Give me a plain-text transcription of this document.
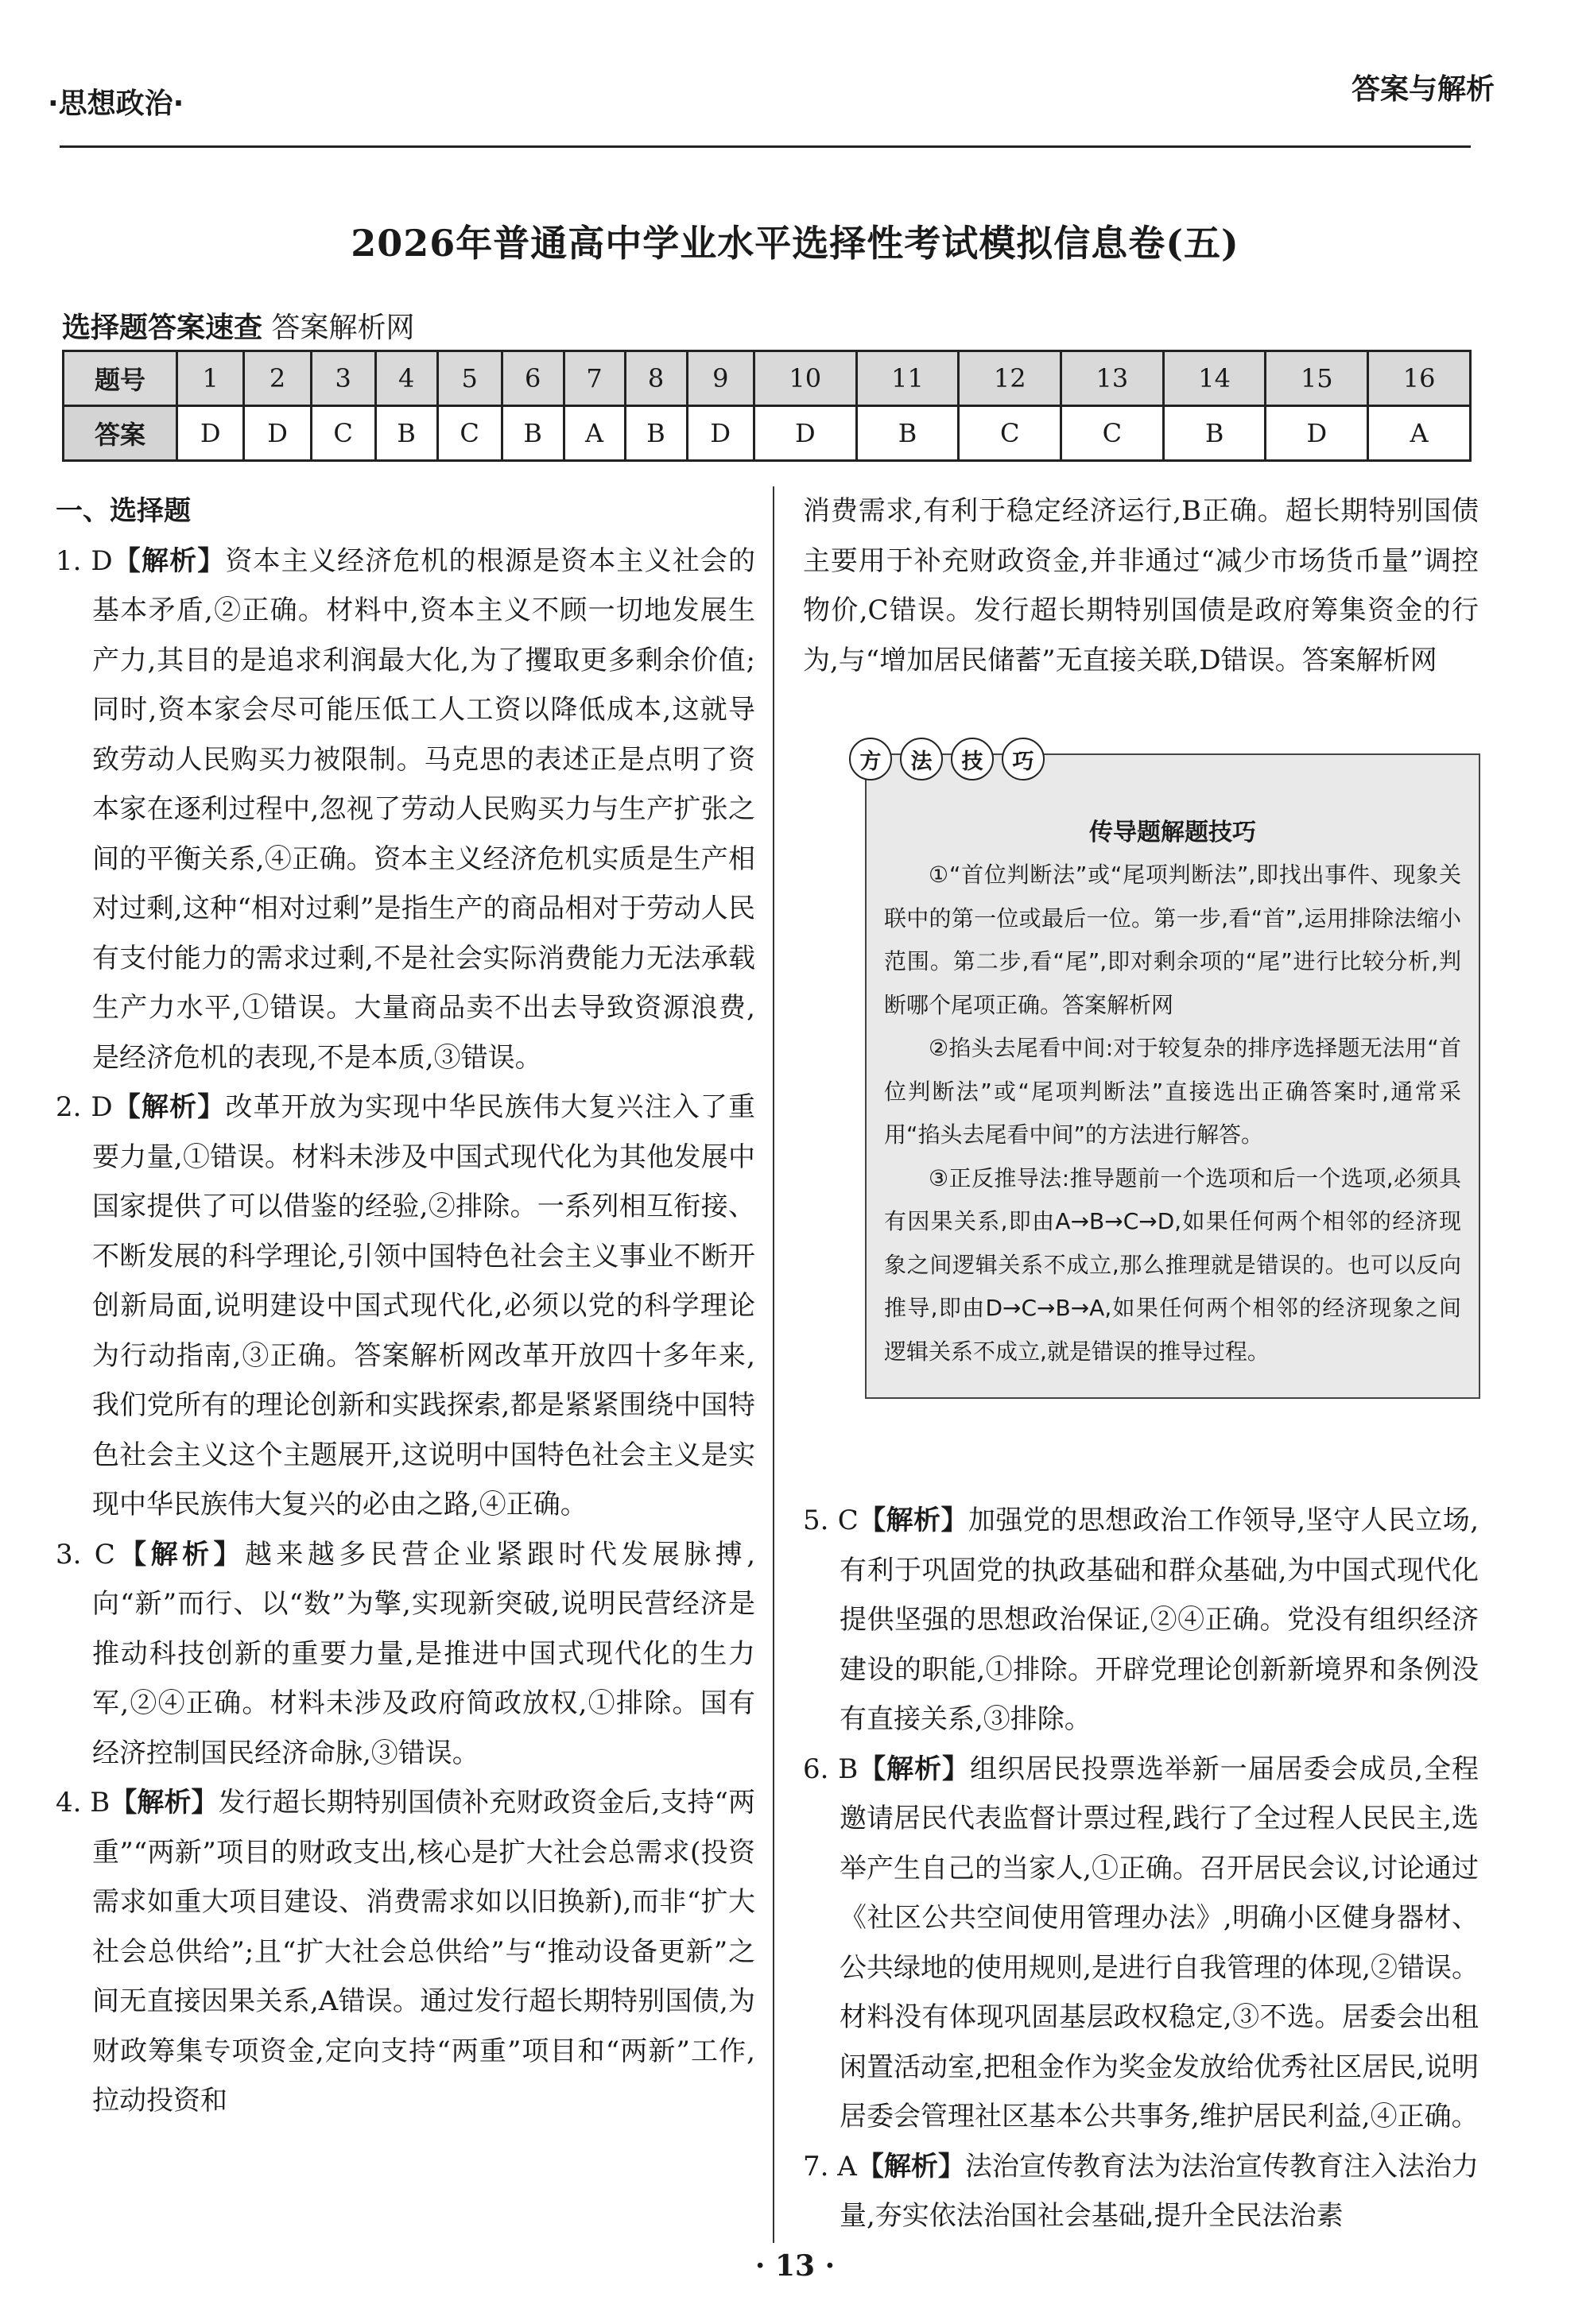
·思想政治·	答案与解析
2026年普通高中学业水平选择性考试模拟信息卷(五)
选择题答案速查 答案解析网
题号	1	2	3	4	5	6	7	8	9	10	11	12	13	14	15	16
答案	D	D	C	B	C	B	A	B	D	D	B	C	C	B	D	A

一、选择题

1. D【解析】资本主义经济危机的根源是资本主义社会的基本矛盾,②正确。材料中,资本主义不顾一切地发展生产力,其目的是追求利润最大化,为了攫取更多剩余价值;同时,资本家会尽可能压低工人工资以降低成本,这就导致劳动人民购买力被限制。马克思的表述正是点明了资本家在逐利过程中,忽视了劳动人民购买力与生产扩张之间的平衡关系,④正确。资本主义经济危机实质是生产相对过剩,这种“相对过剩”是指生产的商品相对于劳动人民有支付能力的需求过剩,不是社会实际消费能力无法承载生产力水平,①错误。大量商品卖不出去导致资源浪费,是经济危机的表现,不是本质,③错误。

2. D【解析】改革开放为实现中华民族伟大复兴注入了重要力量,①错误。材料未涉及中国式现代化为其他发展中国家提供了可以借鉴的经验,②排除。一系列相互衔接、不断发展的科学理论,引领中国特色社会主义事业不断开创新局面,说明建设中国式现代化,必须以党的科学理论为行动指南,③正确。答案解析网改革开放四十多年来,我们党所有的理论创新和实践探索,都是紧紧围绕中国特色社会主义这个主题展开,这说明中国特色社会主义是实现中华民族伟大复兴的必由之路,④正确。

3. C【解析】越来越多民营企业紧跟时代发展脉搏,向“新”而行、以“数”为擎,实现新突破,说明民营经济是推动科技创新的重要力量,是推进中国式现代化的生力军,②④正确。材料未涉及政府简政放权,①排除。国有经济控制国民经济命脉,③错误。

4. B【解析】发行超长期特别国债补充财政资金后,支持“两重”“两新”项目的财政支出,核心是扩大社会总需求(投资需求如重大项目建设、消费需求如以旧换新),而非“扩大社会总供给”;且“扩大社会总供给”与“推动设备更新”之间无直接因果关系,A错误。通过发行超长期特别国债,为财政筹集专项资金,定向支持“两重”项目和“两新”工作,拉动投资和

消费需求,有利于稳定经济运行,B正确。超长期特别国债主要用于补充财政资金,并非通过“减少市场货币量”调控物价,C错误。发行超长期特别国债是政府筹集资金的行为,与“增加居民储蓄”无直接关联,D错误。答案解析网

5. C【解析】加强党的思想政治工作领导,坚守人民立场,有利于巩固党的执政基础和群众基础,为中国式现代化提供坚强的思想政治保证,②④正确。党没有组织经济建设的职能,①排除。开辟党理论创新新境界和条例没有直接关系,③排除。

6. B【解析】组织居民投票选举新一届居委会成员,全程邀请居民代表监督计票过程,践行了全过程人民民主,选举产生自己的当家人,①正确。召开居民会议,讨论通过《社区公共空间使用管理办法》,明确小区健身器材、公共绿地的使用规则,是进行自我管理的体现,②错误。材料没有体现巩固基层政权稳定,③不选。居委会出租闲置活动室,把租金作为奖金发放给优秀社区居民,说明居委会管理社区基本公共事务,维护居民利益,④正确。

7. A【解析】法治宣传教育法为法治宣传教育注入法治力量,夯实依法治国社会基础,提升全民法治素

传导题解题技巧

①“首位判断法”或“尾项判断法”,即找出事件、现象关联中的第一位或最后一位。第一步,看“首”,运用排除法缩小范围。第二步,看“尾”,即对剩余项的“尾”进行比较分析,判断哪个尾项正确。答案解析网

②掐头去尾看中间:对于较复杂的排序选择题无法用“首位判断法”或“尾项判断法”直接选出正确答案时,通常采用“掐头去尾看中间”的方法进行解答。

③正反推导法:推导题前一个选项和后一个选项,必须具有因果关系,即由A→B→C→D,如果任何两个相邻的经济现象之间逻辑关系不成立,那么推理就是错误的。也可以反向推导,即由D→C→B→A,如果任何两个相邻的经济现象之间逻辑关系不成立,就是错误的推导过程。

方	法	技	巧
· 13 ·
